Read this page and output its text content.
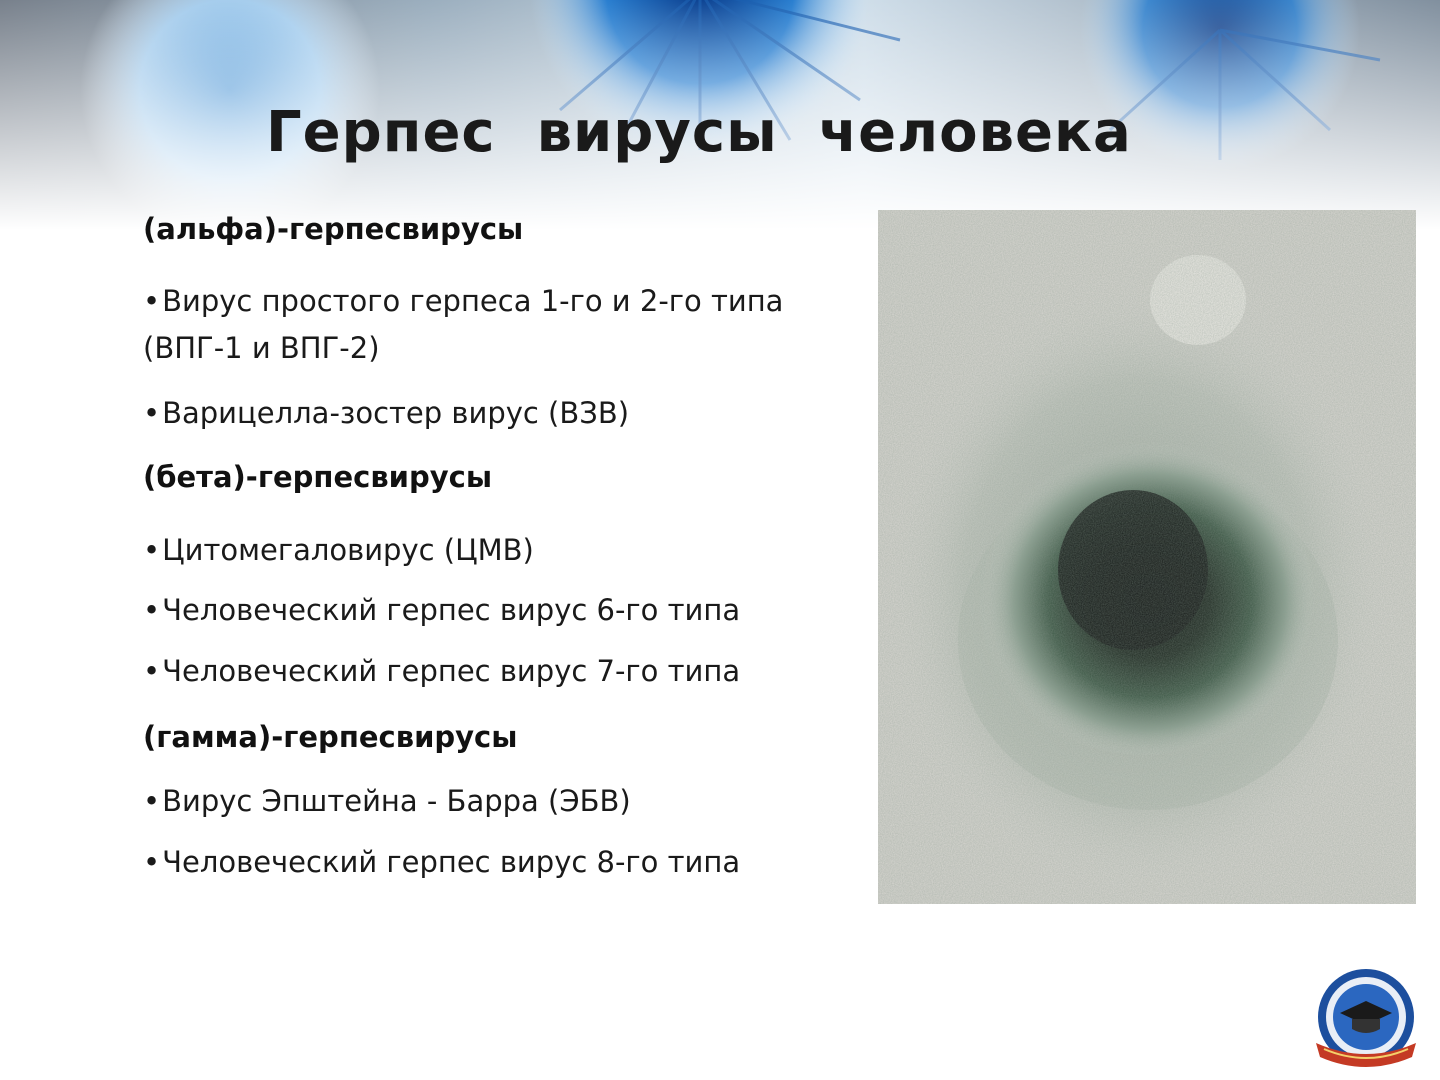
Герпес  вирусы  человека
(альфа)-герпесвирусы
•Вирус простого герпеса 1-го и 2-го типа
(ВПГ-1 и ВПГ-2)
•Варицелла-зостер вирус (ВЗВ)
(бета)-герпесвирусы
•Цитомегаловирус (ЦМВ)
•Человеческий герпес вирус 6-го типа
•Человеческий герпес вирус 7-го типа
(гамма)-герпесвирусы
•Вирус Эпштейна - Барра (ЭБВ)
•Человеческий герпес вирус 8-го типа
